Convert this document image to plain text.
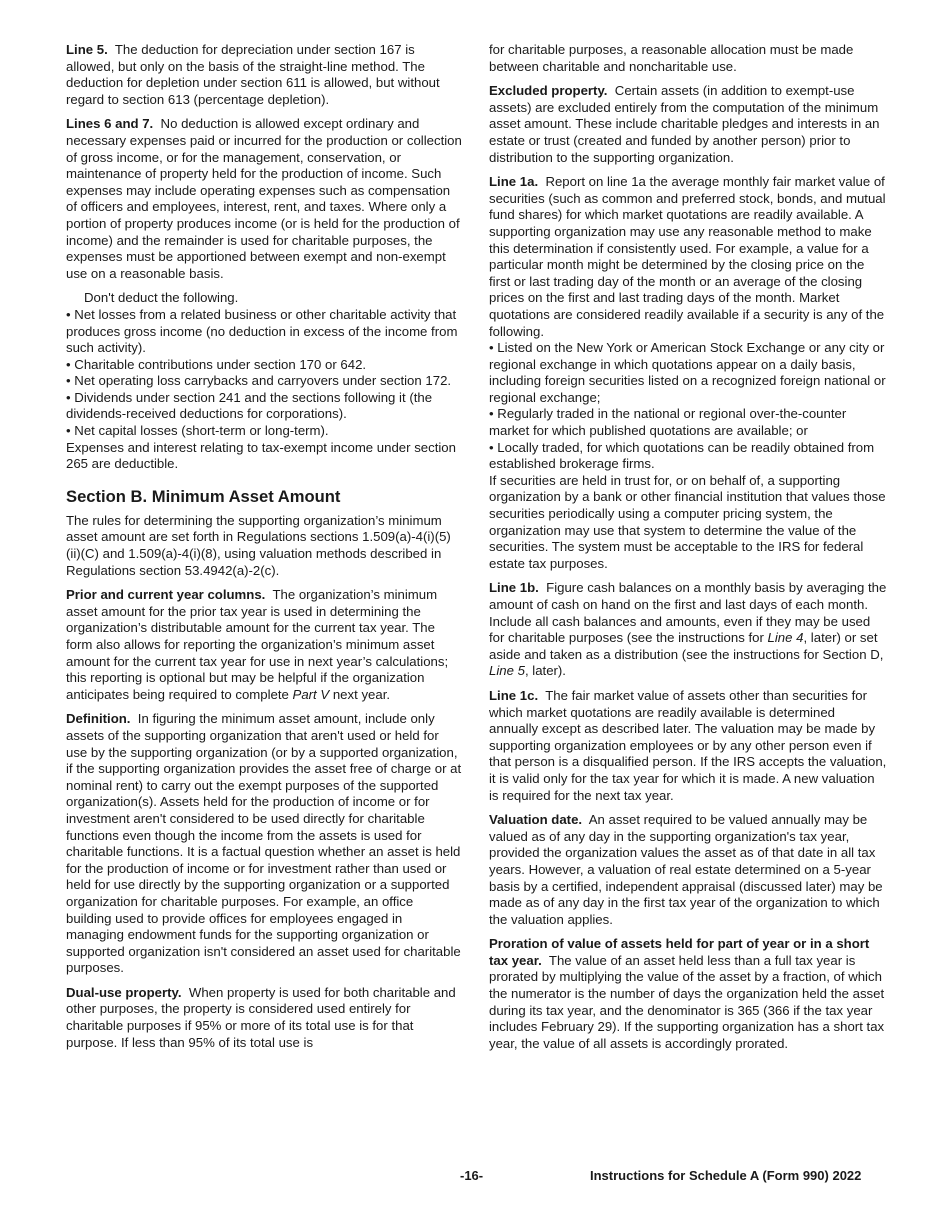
Line 5. The deduction for depreciation under section 167 is allowed, but only on the basis of the straight-line method. The deduction for depletion under section 611 is allowed, but without regard to section 613 (percentage depletion).

Lines 6 and 7. No deduction is allowed except ordinary and necessary expenses paid or incurred for the production or collection of gross income, or for the management, conservation, or maintenance of property held for the production of income. Such expenses may include operating expenses such as compensation of officers and employees, interest, rent, and taxes. Where only a portion of property produces income (or is held for the production of income) and the remainder is used for charitable purposes, the expenses must be apportioned between exempt and non-exempt use on a reasonable basis.

Don't deduct the following.

• Net losses from a related business or other charitable activity that produces gross income (no deduction in excess of the income from such activity).

• Charitable contributions under section 170 or 642.

• Net operating loss carrybacks and carryovers under section 172.

• Dividends under section 241 and the sections following it (the dividends-received deductions for corporations).

• Net capital losses (short-term or long-term).

Expenses and interest relating to tax-exempt income under section 265 are deductible.

Section B. Minimum Asset Amount

The rules for determining the supporting organization’s minimum asset amount are set forth in Regulations sections 1.509(a)-4(i)(5)(ii)(C) and 1.509(a)-4(i)(8), using valuation methods described in Regulations section 53.4942(a)-2(c).

Prior and current year columns. The organization’s minimum asset amount for the prior tax year is used in determining the organization’s distributable amount for the current tax year. The form also allows for reporting the organization’s minimum asset amount for the current tax year for use in next year’s calculations; this reporting is optional but may be helpful if the organization anticipates being required to complete Part V next year.

Definition. In figuring the minimum asset amount, include only assets of the supporting organization that aren't used or held for use by the supporting organization (or by a supported organization, if the supporting organization provides the asset free of charge or at nominal rent) to carry out the exempt purposes of the supported organization(s). Assets held for the production of income or for investment aren't considered to be used directly for charitable functions even though the income from the assets is used for charitable functions. It is a factual question whether an asset is held for the production of income or for investment rather than used or held for use directly by the supporting organization or a supported organization for charitable purposes. For example, an office building used to provide offices for employees engaged in managing endowment funds for the supporting organization or supported organization isn't considered an asset used for charitable purposes.

Dual-use property. When property is used for both charitable and other purposes, the property is considered used entirely for charitable purposes if 95% or more of its total use is for that purpose. If less than 95% of its total use is

for charitable purposes, a reasonable allocation must be made between charitable and noncharitable use.

Excluded property. Certain assets (in addition to exempt-use assets) are excluded entirely from the computation of the minimum asset amount. These include charitable pledges and interests in an estate or trust (created and funded by another person) prior to distribution to the supporting organization.

Line 1a. Report on line 1a the average monthly fair market value of securities (such as common and preferred stock, bonds, and mutual fund shares) for which market quotations are readily available. A supporting organization may use any reasonable method to make this determination if consistently used. For example, a value for a particular month might be determined by the closing price on the first or last trading day of the month or an average of the closing prices on the first and last trading days of the month. Market quotations are considered readily available if a security is any of the following.

• Listed on the New York or American Stock Exchange or any city or regional exchange in which quotations appear on a daily basis, including foreign securities listed on a recognized foreign national or regional exchange;

• Regularly traded in the national or regional over-the-counter market for which published quotations are available; or

• Locally traded, for which quotations can be readily obtained from established brokerage firms.

If securities are held in trust for, or on behalf of, a supporting organization by a bank or other financial institution that values those securities periodically using a computer pricing system, the organization may use that system to determine the value of the securities. The system must be acceptable to the IRS for federal estate tax purposes.

Line 1b. Figure cash balances on a monthly basis by averaging the amount of cash on hand on the first and last days of each month. Include all cash balances and amounts, even if they may be used for charitable purposes (see the instructions for Line 4, later) or set aside and taken as a distribution (see the instructions for Section D, Line 5, later).

Line 1c. The fair market value of assets other than securities for which market quotations are readily available is determined annually except as described later. The valuation may be made by supporting organization employees or by any other person even if that person is a disqualified person. If the IRS accepts the valuation, it is valid only for the tax year for which it is made. A new valuation is required for the next tax year.

Valuation date. An asset required to be valued annually may be valued as of any day in the supporting organization's tax year, provided the organization values the asset as of that date in all tax years. However, a valuation of real estate determined on a 5-year basis by a certified, independent appraisal (discussed later) may be made as of any day in the first tax year of the organization to which the valuation applies.

Proration of value of assets held for part of year or in a short tax year. The value of an asset held less than a full tax year is prorated by multiplying the value of the asset by a fraction, of which the numerator is the number of days the organization held the asset during its tax year, and the denominator is 365 (366 if the tax year includes February 29). If the supporting organization has a short tax year, the value of all assets is accordingly prorated.

-16-	Instructions for Schedule A (Form 990) 2022
